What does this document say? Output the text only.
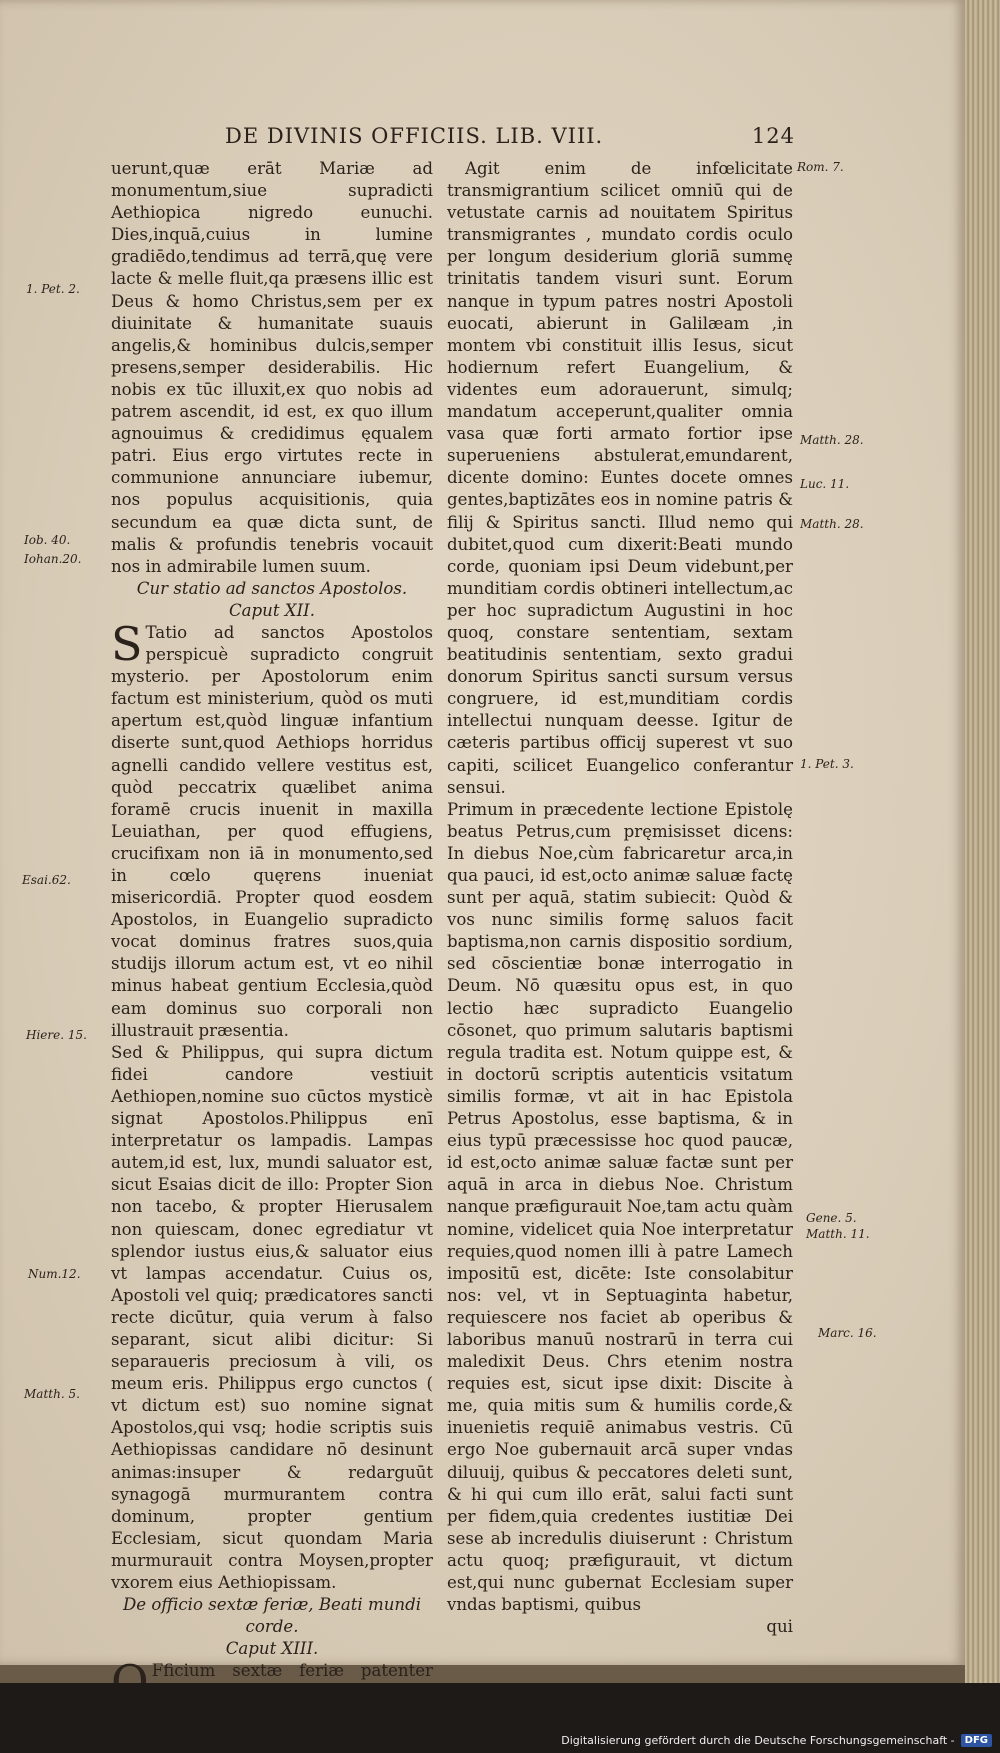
DE DIVINIS OFFICIIS. LIB. VIII.	124
1. Pet. 2.
Iob. 40.
Iohan.20.
Esai.62.
Hiere. 15.
Num.12.
Matth. 5.
Rom. 7.
Matth. 28.
Luc. 11.
Matth. 28.
1. Pet. 3.
Gene. 5.
Matth. 11.
Marc. 16.

uerunt,quæ erāt Mariæ ad monumentum,siue supradicti Aethiopica nigredo eunuchi. Dies,inquā,cuius in lumine gradiēdo,tendimus ad terrā,quę vere lacte & melle fluit,qa præsens illic est Deus & homo Christus,sem per ex diuinitate & humanitate suauis angelis,& hominibus dulcis,semper presens,semper desiderabilis. Hic nobis ex tūc illuxit,ex quo nobis ad patrem ascendit, id est, ex quo illum agnouimus & credidimus ęqualem patri. Eius ergo virtutes recte in communione annunciare iubemur, nos populus acquisitionis, quia secundum ea quæ dicta sunt, de malis & profundis tenebris vocauit nos in admirabile lumen suum.

Cur statio ad sanctos Apostolos.

Caput XII.

STatio ad sanctos Apostolos perspicuè supradicto congruit mysterio. per Apostolorum enim factum est ministerium, quòd os muti apertum est,quòd linguæ infantium diserte sunt,quod Aethiops horridus agnelli candido vellere vestitus est, quòd peccatrix quælibet anima foramē crucis inuenit in maxilla Leuiathan, per quod effugiens, crucifixam non iā in monumento,sed in cœlo quęrens inueniat misericordiā. Propter quod eosdem Apostolos, in Euangelio supradicto vocat dominus fratres suos,quia studijs illorum actum est, vt eo nihil minus habeat gentium Ecclesia,quòd eam dominus suo corporali non illustrauit præsentia.

Sed & Philippus, qui supra dictum fidei candore vestiuit Aethiopen,nomine suo cūctos mysticè signat Apostolos.Philippus enī interpretatur os lampadis. Lampas autem,id est, lux, mundi saluator est, sicut Esaias dicit de illo: Propter Sion non tacebo, & propter Hierusalem non quiescam, donec egrediatur vt splendor iustus eius,& saluator eius vt lampas accendatur. Cuius os, Apostoli vel quiq; prædicatores sancti recte dicūtur, quia verum à falso separant, sicut alibi dicitur: Si separaueris preciosum à vili, os meum eris. Philippus ergo cunctos ( vt dictum est) suo nomine signat Apostolos,qui vsq; hodie scriptis suis Aethiopissas candidare nō desinunt animas:insuper & redarguūt synagogā murmurantem contra dominum, propter gentium Ecclesiam, sicut quondam Maria murmurauit contra Moysen,propter vxorem eius Aethiopissam.

De officio sextæ feriæ, Beati mundi corde.

Caput XIII.

Fficium sextæ feriæ patenter

Agit enim de infœlicitate transmigrantium scilicet omniū qui de vetustate carnis ad nouitatem Spiritus transmigrantes , mundato cordis oculo per longum desiderium gloriā summę trinitatis tandem visuri sunt. Eorum nanque in typum patres nostri Apostoli euocati, abierunt in Galilæam ,in montem vbi constituit illis Iesus, sicut hodiernum refert Euangelium, & videntes eum adorauerunt, simulq; mandatum acceperunt,qualiter omnia vasa quæ forti armato fortior ipse superueniens abstulerat,emundarent, dicente domino: Euntes docete omnes gentes,baptizātes eos in nomine patris & filij & Spiritus sancti. Illud nemo qui dubitet,quod cum dixerit:Beati mundo corde, quoniam ipsi Deum videbunt,per munditiam cordis obtineri intellectum,ac per hoc supradictum Augustini in hoc quoq, constare sententiam, sextam beatitudinis sententiam, sexto gradui donorum Spiritus sancti sursum versus congruere, id est,munditiam cordis intellectui nunquam deesse. Igitur de cæteris partibus officij superest vt suo capiti, scilicet Euangelico conferantur sensui.

Primum in præcedente lectione Epistolę beatus Petrus,cum pręmisisset dicens: In diebus Noe,cùm fabricaretur arca,in qua pauci, id est,octo animæ saluæ factę sunt per aquā, statim subiecit: Quòd & vos nunc similis formę saluos facit baptisma,non carnis dispositio sordium, sed cōscientiæ bonæ interrogatio in Deum. Nō quæsitu opus est, in quo lectio hæc supradicto Euangelio cōsonet, quo primum salutaris baptismi regula tradita est. Notum quippe est, & in doctorū scriptis autenticis vsitatum similis formæ, vt ait in hac Epistola Petrus Apostolus, esse baptisma, & in eius typū præcessisse hoc quod paucæ, id est,octo animæ saluæ factæ sunt per aquā in arca in diebus Noe. Christum nanque præfigurauit Noe,tam actu quàm nomine, videlicet quia Noe interpretatur requies,quod nomen illi à patre Lamech impositū est, dicēte: Iste consolabitur nos: vel, vt in Septuaginta habetur, requiescere nos faciet ab operibus & laboribus manuū nostrarū in terra cui maledixit Deus. Chrs etenim nostra requies est, sicut ipse dixit: Discite à me, quia mitis sum & humilis corde,& inuenietis requiē animabus vestris. Cū ergo Noe gubernauit arcā super vndas diluuij, quibus & peccatores deleti sunt, & hi qui cum illo erāt, salui facti sunt per fidem,quia credentes iustitiæ Dei sese ab incredulis diuiserunt : Christum actu quoq; præfigurauit, vt dictum est,qui nunc gubernat Ecclesiam super vndas baptismi, quibus

qui

Digitalisierung gefördert durch die Deutsche Forschungsgemeinschaft -	DFG
